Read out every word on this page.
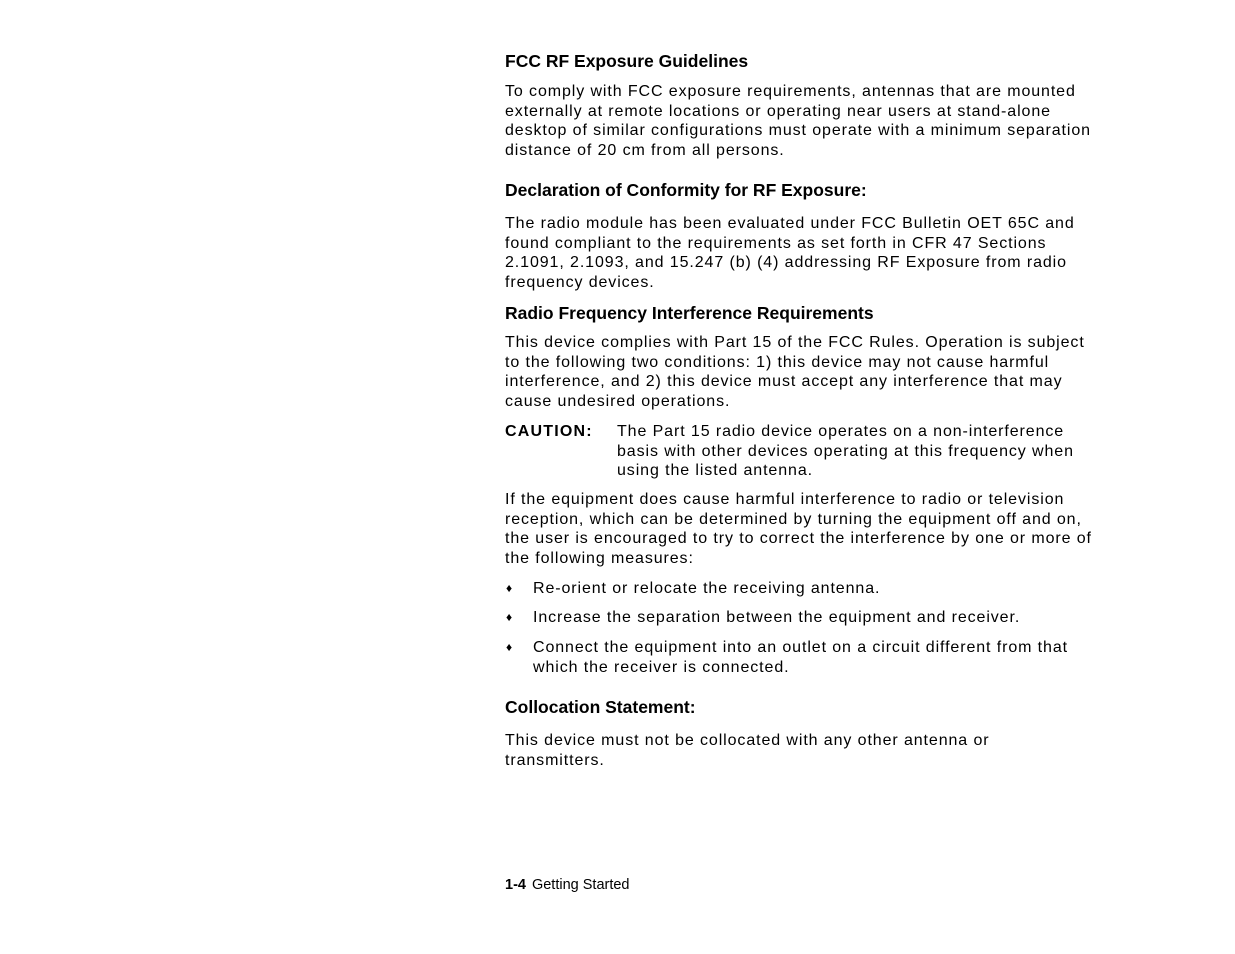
FCC RF Exposure Guidelines
To comply with FCC exposure requirements, antennas that are mounted
externally at remote locations or operating near users at stand-alone
desktop of similar configurations must operate with a minimum separation
distance of 20 cm from all persons.
Declaration of Conformity for RF Exposure:
The radio module has been evaluated under FCC Bulletin OET 65C and
found compliant to the requirements as set forth in CFR 47 Sections
2.1091, 2.1093, and 15.247 (b) (4) addressing RF Exposure from radio
frequency devices.
Radio Frequency Interference Requirements
This device complies with Part 15 of the FCC Rules. Operation is subject
to the following two conditions: 1) this device may not cause harmful
interference, and 2) this device must accept any interference that may
cause undesired operations.
CAUTION: The Part 15 radio device operates on a non-interference
basis with other devices operating at this frequency when
using the listed antenna.
If the equipment does cause harmful interference to radio or television
reception, which can be determined by turning the equipment off and on,
the user is encouraged to try to correct the interference by one or more of
the following measures:
♦ Re-orient or relocate the receiving antenna.
♦ Increase the separation between the equipment and receiver.
♦ Connect the equipment into an outlet on a circuit different from that
which the receiver is connected.
Collocation Statement:
This device must not be collocated with any other antenna or
transmitters.
1-4 Getting Started
